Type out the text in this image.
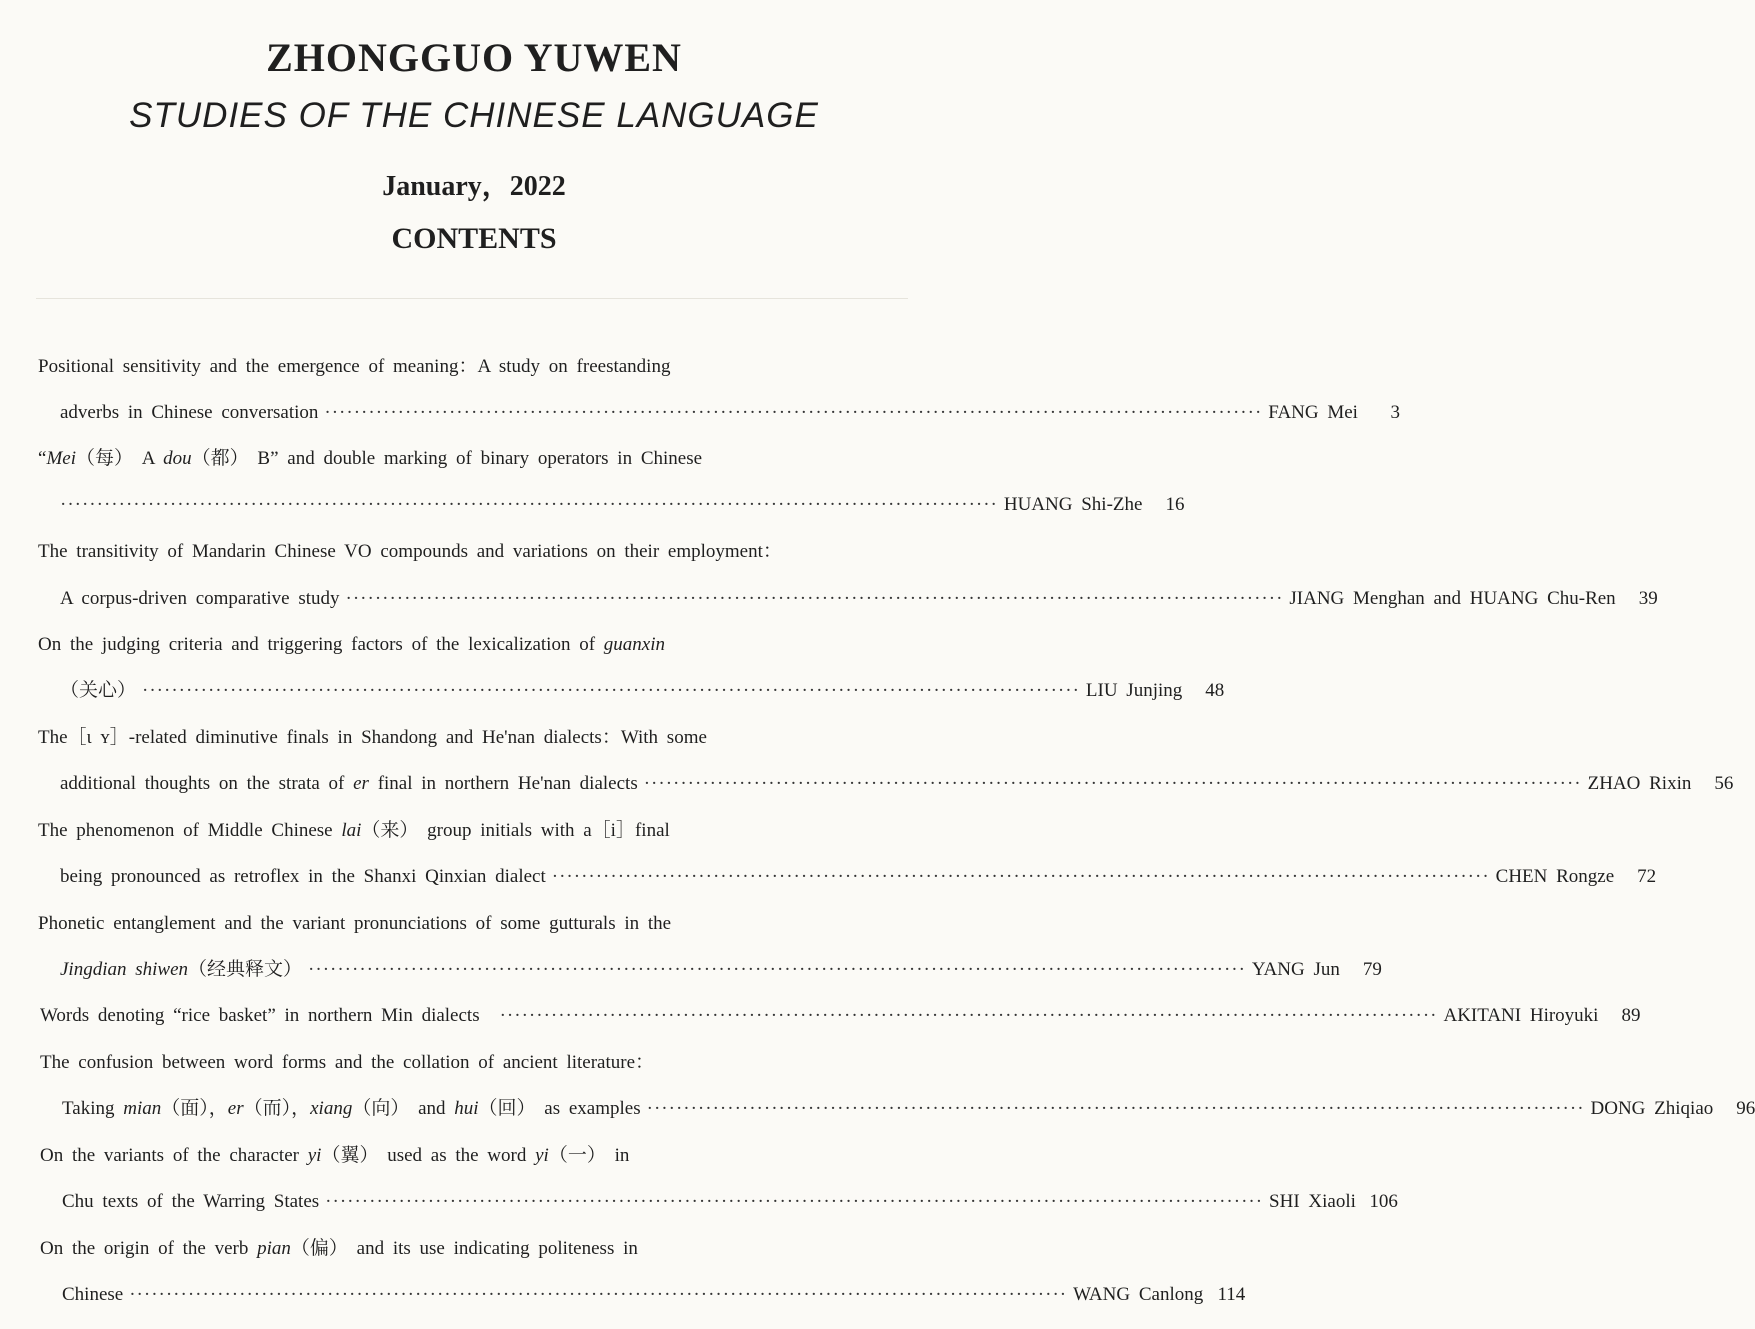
ZHONGGUO YUWEN
STUDIES OF THE CHINESE LANGUAGE
January，2022
CONTENTS
Positional sensitivity and the emergence of meaning：A study on freestanding
adverbs in Chinese conversation ································································································································ FANG Mei	3
“Mei（每） A dou（都） B” and double marking of binary operators in Chinese
································································································································ HUANG Shi-Zhe	16
The transitivity of Mandarin Chinese VO compounds and variations on their employment：
A corpus-driven comparative study ································································································································ JIANG Menghan and HUANG Chu-Ren	39
On the judging criteria and triggering factors of the lexicalization of guanxin
（关心） ································································································································ LIU Junjing	48
The［ɩ ʏ］-related diminutive finals in Shandong and He'nan dialects：With some
additional thoughts on the strata of er final in northern He'nan dialects ································································································································ ZHAO Rixin	56
The phenomenon of Middle Chinese lai（来） group initials with a［i］final
being pronounced as retroflex in the Shanxi Qinxian dialect ································································································································ CHEN Rongze	72
Phonetic entanglement and the variant pronunciations of some gutturals in the
Jingdian shiwen（经典释文） ································································································································ YANG Jun	79
Words denoting “rice basket” in northern Min dialects ································································································································ AKITANI Hiroyuki	89
The confusion between word forms and the collation of ancient literature：
Taking mian（面），er（而），xiang（向） and hui（回） as examples ································································································································ DONG Zhiqiao	96
On the variants of the character yi（翼） used as the word yi（一） in
Chu texts of the Warring States ································································································································ SHI Xiaoli 106
On the origin of the verb pian（偏） and its use indicating politeness in
Chinese ································································································································ WANG Canlong 114
